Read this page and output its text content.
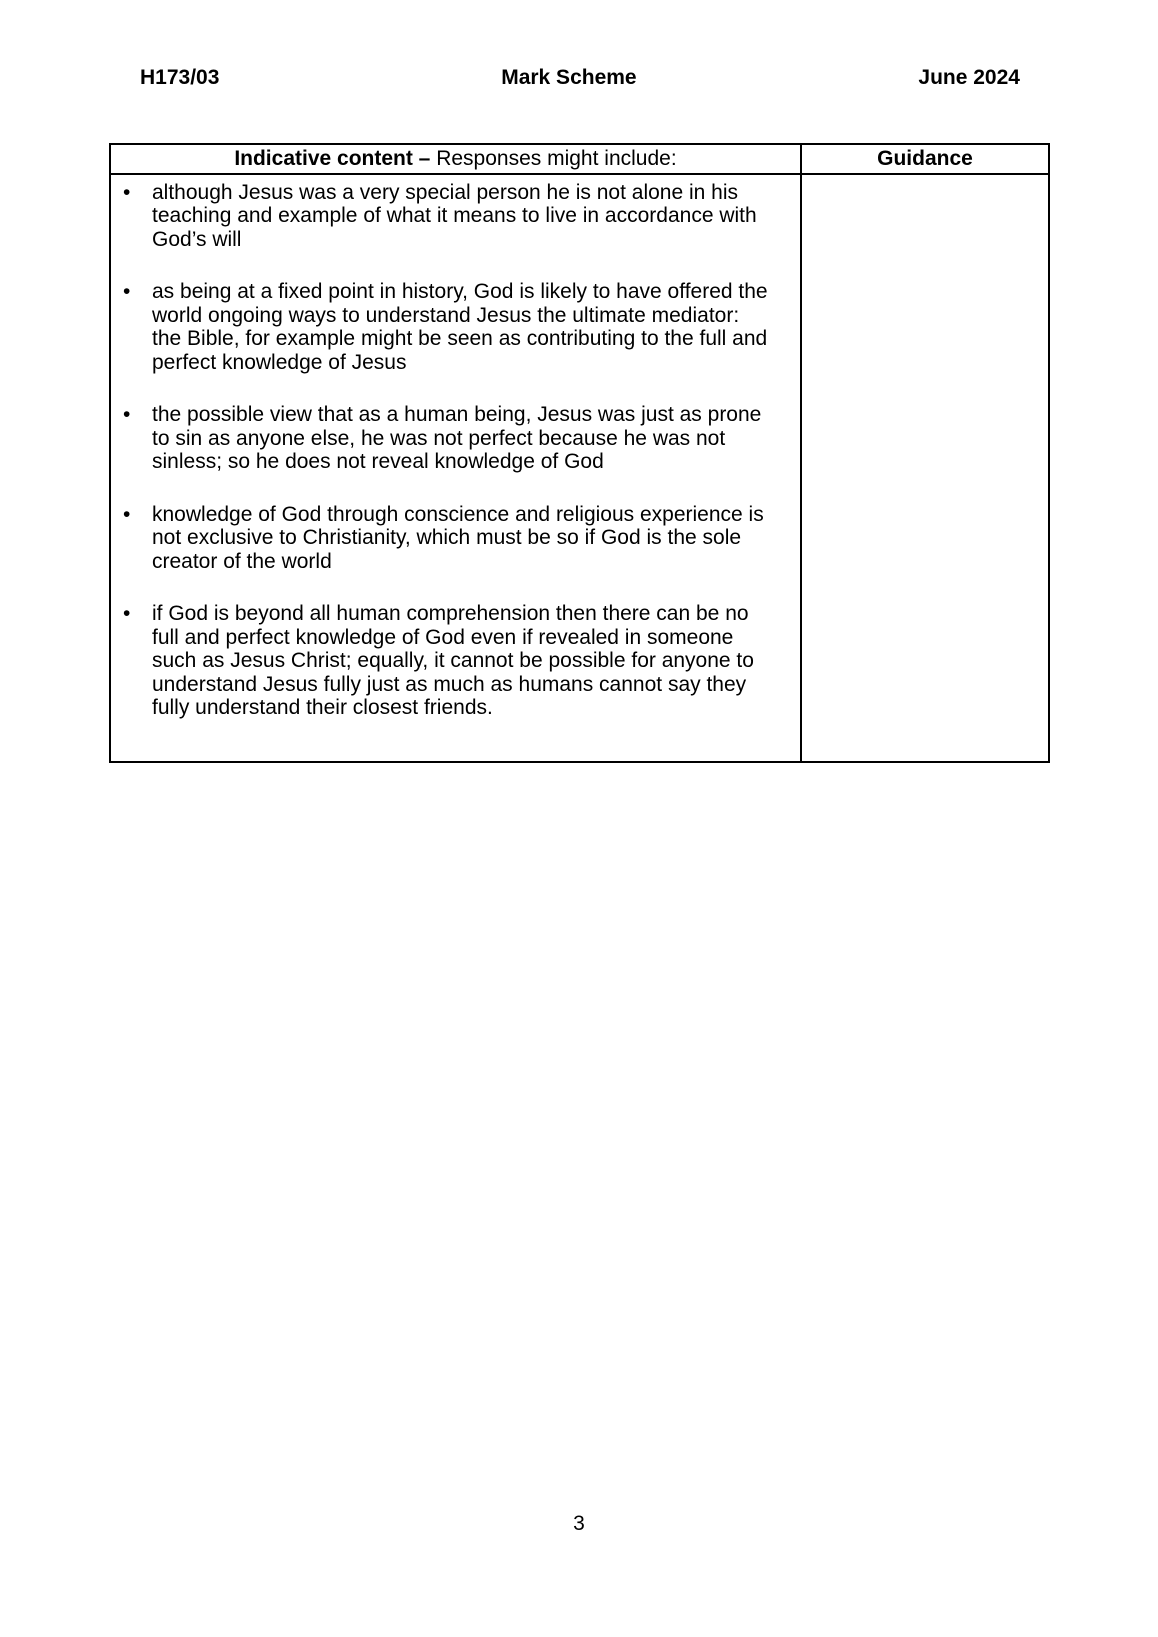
H173/03	Mark Scheme	June 2024
Indicative content – Responses might include:	Guidance

•	although Jesus was a very special person he is not alone in his teaching and example of what it means to live in accordance with God’s will
•	as being at a fixed point in history, God is likely to have offered the world ongoing ways to understand Jesus the ultimate mediator: the Bible, for example might be seen as contributing to the full and perfect knowledge of Jesus
•	the possible view that as a human being, Jesus was just as prone to sin as anyone else, he was not perfect because he was not sinless; so he does not reveal knowledge of God
•	knowledge of God through conscience and religious experience is not exclusive to Christianity, which must be so if God is the sole creator of the world
•	if God is beyond all human comprehension then there can be no full and perfect knowledge of God even if revealed in someone such as Jesus Christ; equally, it cannot be possible for anyone to understand Jesus fully just as much as humans cannot say they fully understand their closest friends.

3
